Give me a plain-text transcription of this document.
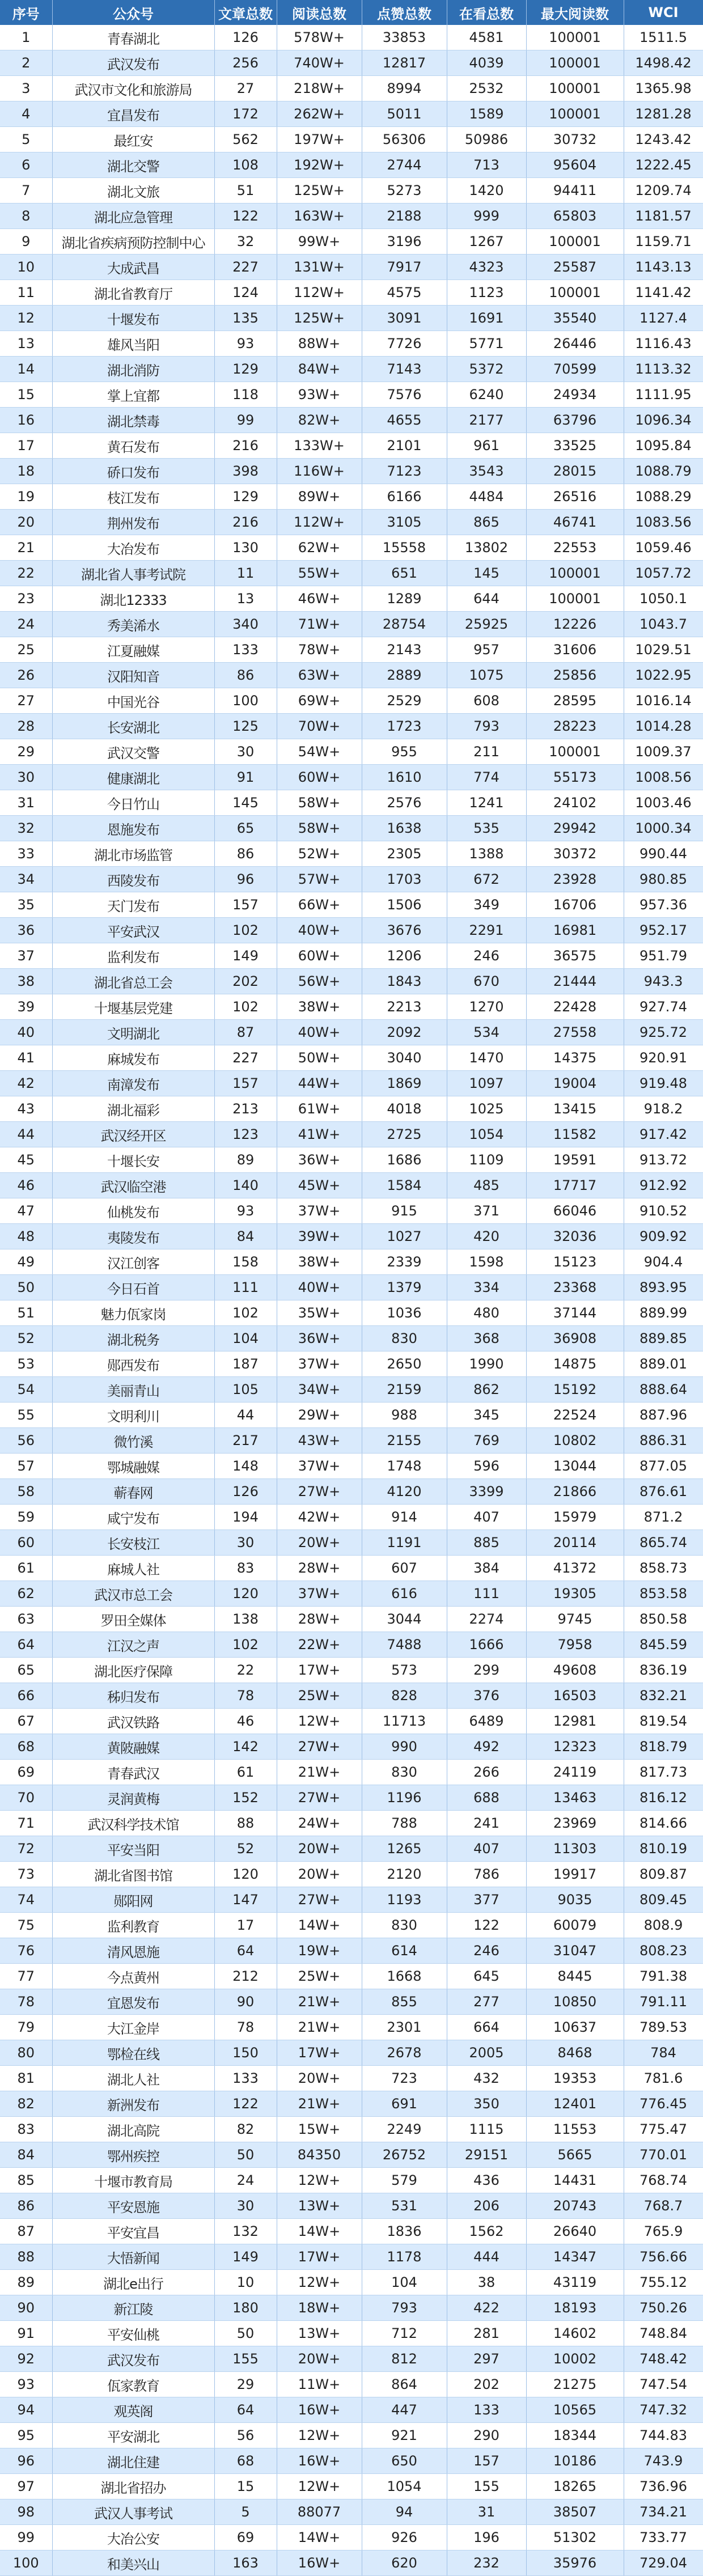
序号	公众号	文章总数	阅读总数	点赞总数	在看总数	最大阅读数	WCI
1	青春湖北	126	578W+	33853	4581	100001	1511.5
2	武汉发布	256	740W+	12817	4039	100001	1498.42
3	武汉市文化和旅游局	27	218W+	8994	2532	100001	1365.98
4	宜昌发布	172	262W+	5011	1589	100001	1281.28
5	最红安	562	197W+	56306	50986	30732	1243.42
6	湖北交警	108	192W+	2744	713	95604	1222.45
7	湖北文旅	51	125W+	5273	1420	94411	1209.74
8	湖北应急管理	122	163W+	2188	999	65803	1181.57
9	湖北省疾病预防控制中心	32	99W+	3196	1267	100001	1159.71
10	大成武昌	227	131W+	7917	4323	25587	1143.13
11	湖北省教育厅	124	112W+	4575	1123	100001	1141.42
12	十堰发布	135	125W+	3091	1691	35540	1127.4
13	雄风当阳	93	88W+	7726	5771	26446	1116.43
14	湖北消防	129	84W+	7143	5372	70599	1113.32
15	掌上宜都	118	93W+	7576	6240	24934	1111.95
16	湖北禁毒	99	82W+	4655	2177	63796	1096.34
17	黄石发布	216	133W+	2101	961	33525	1095.84
18	硚口发布	398	116W+	7123	3543	28015	1088.79
19	枝江发布	129	89W+	6166	4484	26516	1088.29
20	荆州发布	216	112W+	3105	865	46741	1083.56
21	大冶发布	130	62W+	15558	13802	22553	1059.46
22	湖北省人事考试院	11	55W+	651	145	100001	1057.72
23	湖北12333	13	46W+	1289	644	100001	1050.1
24	秀美浠水	340	71W+	28754	25925	12226	1043.7
25	江夏融媒	133	78W+	2143	957	31606	1029.51
26	汉阳知音	86	63W+	2889	1075	25856	1022.95
27	中国光谷	100	69W+	2529	608	28595	1016.14
28	长安湖北	125	70W+	1723	793	28223	1014.28
29	武汉交警	30	54W+	955	211	100001	1009.37
30	健康湖北	91	60W+	1610	774	55173	1008.56
31	今日竹山	145	58W+	2576	1241	24102	1003.46
32	恩施发布	65	58W+	1638	535	29942	1000.34
33	湖北市场监管	86	52W+	2305	1388	30372	990.44
34	西陵发布	96	57W+	1703	672	23928	980.85
35	天门发布	157	66W+	1506	349	16706	957.36
36	平安武汉	102	40W+	3676	2291	16981	952.17
37	监利发布	149	60W+	1206	246	36575	951.79
38	湖北省总工会	202	56W+	1843	670	21444	943.3
39	十堰基层党建	102	38W+	2213	1270	22428	927.74
40	文明湖北	87	40W+	2092	534	27558	925.72
41	麻城发布	227	50W+	3040	1470	14375	920.91
42	南漳发布	157	44W+	1869	1097	19004	919.48
43	湖北福彩	213	61W+	4018	1025	13415	918.2
44	武汉经开区	123	41W+	2725	1054	11582	917.42
45	十堰长安	89	36W+	1686	1109	19591	913.72
46	武汉临空港	140	45W+	1584	485	17717	912.92
47	仙桃发布	93	37W+	915	371	66046	910.52
48	夷陵发布	84	39W+	1027	420	32036	909.92
49	汉江创客	158	38W+	2339	1598	15123	904.4
50	今日石首	111	40W+	1379	334	23368	893.95
51	魅力佤家岗	102	35W+	1036	480	37144	889.99
52	湖北税务	104	36W+	830	368	36908	889.85
53	郧西发布	187	37W+	2650	1990	14875	889.01
54	美丽青山	105	34W+	2159	862	15192	888.64
55	文明利川	44	29W+	988	345	22524	887.96
56	微竹溪	217	43W+	2155	769	10802	886.31
57	鄂城融媒	148	37W+	1748	596	13044	877.05
58	蕲春网	126	27W+	4120	3399	21866	876.61
59	咸宁发布	194	42W+	914	407	15979	871.2
60	长安枝江	30	20W+	1191	885	20114	865.74
61	麻城人社	83	28W+	607	384	41372	858.73
62	武汉市总工会	120	37W+	616	111	19305	853.58
63	罗田全媒体	138	28W+	3044	2274	9745	850.58
64	江汉之声	102	22W+	7488	1666	7958	845.59
65	湖北医疗保障	22	17W+	573	299	49608	836.19
66	秭归发布	78	25W+	828	376	16503	832.21
67	武汉铁路	46	12W+	11713	6489	12981	819.54
68	黄陂融媒	142	27W+	990	492	12323	818.79
69	青春武汉	61	21W+	830	266	24119	817.73
70	灵润黄梅	152	27W+	1196	688	13463	816.12
71	武汉科学技术馆	88	24W+	788	241	23969	814.66
72	平安当阳	52	20W+	1265	407	11303	810.19
73	湖北省图书馆	120	20W+	2120	786	19917	809.87
74	郧阳网	147	27W+	1193	377	9035	809.45
75	监利教育	17	14W+	830	122	60079	808.9
76	清风恩施	64	19W+	614	246	31047	808.23
77	今点黄州	212	25W+	1668	645	8445	791.38
78	宜恩发布	90	21W+	855	277	10850	791.11
79	大江金岸	78	21W+	2301	664	10637	789.53
80	鄂检在线	150	17W+	2678	2005	8468	784
81	湖北人社	133	20W+	723	432	19353	781.6
82	新洲发布	122	21W+	691	350	12401	776.45
83	湖北高院	82	15W+	2249	1115	11553	775.47
84	鄂州疾控	50	84350	26752	29151	5665	770.01
85	十堰市教育局	24	12W+	579	436	14431	768.74
86	平安恩施	30	13W+	531	206	20743	768.7
87	平安宜昌	132	14W+	1836	1562	26640	765.9
88	大悟新闻	149	17W+	1178	444	14347	756.66
89	湖北e出行	10	12W+	104	38	43119	755.12
90	新江陵	180	18W+	793	422	18193	750.26
91	平安仙桃	50	13W+	712	281	14602	748.84
92	武汉发布	155	20W+	812	297	10002	748.42
93	佤家教育	29	11W+	864	202	21275	747.54
94	观英阁	64	16W+	447	133	10565	747.32
95	平安湖北	56	12W+	921	290	18344	744.83
96	湖北住建	68	16W+	650	157	10186	743.9
97	湖北省招办	15	12W+	1054	155	18265	736.96
98	武汉人事考试	5	88077	94	31	38507	734.21
99	大冶公安	69	14W+	926	196	51302	733.77
100	和美兴山	163	16W+	620	232	35976	729.04
